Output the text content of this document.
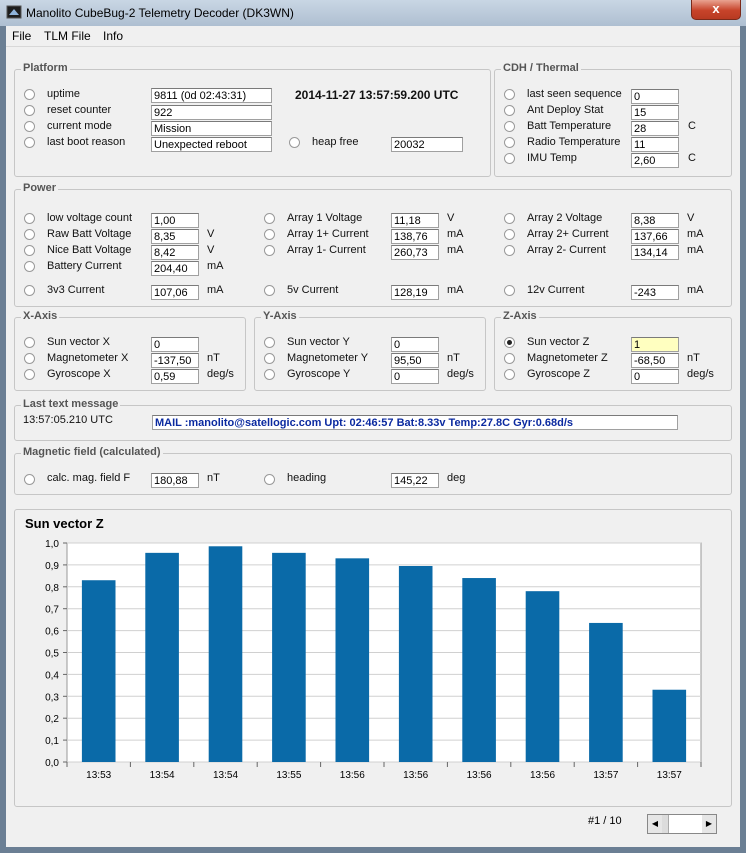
Manolito CubeBug-2 Telemetry Decoder (DK3WN)	x
File TLM File Info
Platform
uptime	9811 (0d 02:43:31)
reset counter	922
current mode	Mission
last boot reason	Unexpected reboot
2014-11-27 13:57:59.200 UTC
heap free	20032
CDH / Thermal
last seen sequence 0
Ant Deploy Stat	15
Batt Temperature 28	C
Radio Temperature 11
IMU Temp	2,60	C
Power
low voltage count 1,00
Raw Batt Voltage 8,35	V
Nice Batt Voltage 8,42	V
Battery Current	204,40	mA
Array 1 Voltage	11,18	V
Array 1+ Current 138,76	mA
Array 1- Current	260,73	mA
Array 2 Voltage	8,38	V
Array 2+ Current 137,66	mA
Array 2- Current	134,14	mA
3v3 Current	107,06	mA	5v Current	128,19	mA	12v Current	-243	mA
X-Axis
Sun vector X	0
Magnetometer X -137,50	nT
Gyroscope X	0,59	deg/s
Y-Axis
Sun vector Y	0
Magnetometer Y 95,50	nT
Gyroscope Y	0	deg/s
Z-Axis
Sun vector Z	1
Magnetometer Z -68,50	nT
Gyroscope Z	0	deg/s
Last text message
13:57:05.210 UTC	MAIL :manolito@satellogic.com Upt: 02:46:57 Bat:8.33v Temp:27.8C Gyr:0.68d/s
Magnetic field (calculated)
calc. mag. field F 180,88	nT	heading	145,22	deg
Sun vector Z
0,0
0,1
0,2
0,3
0,4
0,5
0,6
0,7
0,8
0,9
1,0
13:53	13:54	13:54	13:55	13:56	13:56	13:56	13:56	13:57	13:57
#1 / 10	◀	▶
